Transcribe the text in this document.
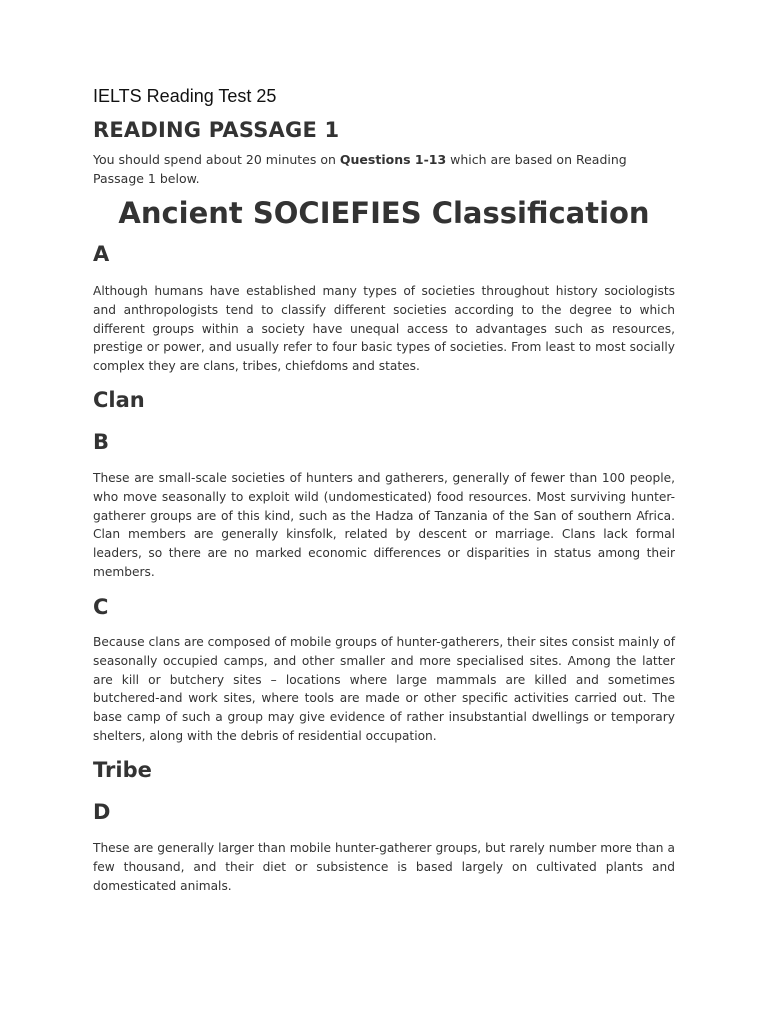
IELTS Reading Test 25
READING PASSAGE 1

You should spend about 20 minutes on Questions 1-13 which are based on Reading Passage 1 below.

Ancient SOCIEFIES Classification
A

Although humans have established many types of societies throughout history sociologists and anthropologists tend to classify different societies according to the degree to which different groups within a society have unequal access to advantages such as resources, prestige or power, and usually refer to four basic types of societies. From least to most socially complex they are clans, tribes, chiefdoms and states.

Clan
B

These are small-scale societies of hunters and gatherers, generally of fewer than 100 people, who move seasonally to exploit wild (undomesticated) food resources. Most surviving hunter-gatherer groups are of this kind, such as the Hadza of Tanzania of the San of southern Africa. Clan members are generally kinsfolk, related by descent or marriage. Clans lack formal leaders, so there are no marked economic differences or disparities in status among their members.

C

Because clans are composed of mobile groups of hunter-gatherers, their sites consist mainly of seasonally occupied camps, and other smaller and more specialised sites. Among the latter are kill or butchery sites – locations where large mammals are killed and sometimes butchered-and work sites, where tools are made or other specific activities carried out. The base camp of such a group may give evidence of rather insubstantial dwellings or temporary shelters, along with the debris of residential occupation.

Tribe
D

These are generally larger than mobile hunter-gatherer groups, but rarely number more than a few thousand, and their diet or subsistence is based largely on cultivated plants and domesticated animals.
